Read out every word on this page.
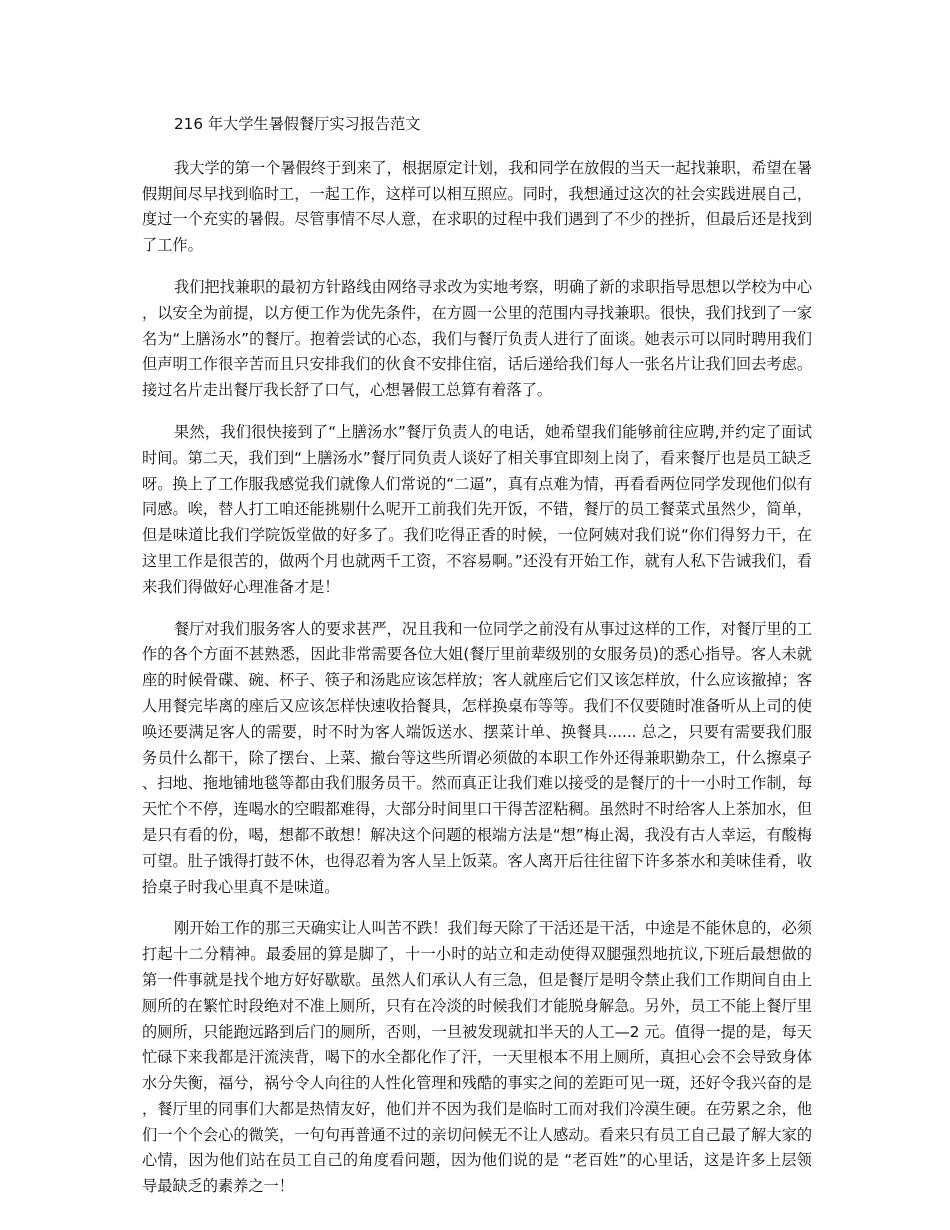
216 年大学生暑假餐厅实习报告范文

我大学的第一个暑假终于到来了，根据原定计划，我和同学在放假的当天一起找兼职，希望在暑假期间尽早找到临时工，一起工作，这样可以相互照应。同时，我想通过这次的社会实践进展自己，度过一个充实的暑假。尽管事情不尽人意，在求职的过程中我们遇到了不少的挫折，但最后还是找到了工作。

我们把找兼职的最初方针路线由网络寻求改为实地考察，明确了新的求职指导思想以学校为中心，以安全为前提，以方便工作为优先条件，在方圆一公里的范围内寻找兼职。很快，我们找到了一家名为“上膳汤水”的餐厅。抱着尝试的心态，我们与餐厅负责人进行了面谈。她表示可以同时聘用我们但声明工作很辛苦而且只安排我们的伙食不安排住宿，话后递给我们每人一张名片让我们回去考虑。接过名片走出餐厅我长舒了口气，心想暑假工总算有着落了。

果然，我们很快接到了“上膳汤水”餐厅负责人的电话，她希望我们能够前往应聘,并约定了面试时间。第二天，我们到“上膳汤水”餐厅同负责人谈好了相关事宜即刻上岗了，看来餐厅也是员工缺乏呀。换上了工作服我感觉我们就像人们常说的“二逼”，真有点难为情，再看看两位同学发现他们似有同感。唉，替人打工咱还能挑剔什么呢开工前我们先开饭，不错，餐厅的员工餐菜式虽然少，简单，但是味道比我们学院饭堂做的好多了。我们吃得正香的时候，一位阿姨对我们说“你们得努力干，在这里工作是很苦的，做两个月也就两千工资，不容易啊。”还没有开始工作，就有人私下告诫我们，看来我们得做好心理准备才是！

餐厅对我们服务客人的要求甚严，况且我和一位同学之前没有从事过这样的工作，对餐厅里的工作的各个方面不甚熟悉，因此非常需要各位大姐(餐厅里前辈级别的女服务员)的悉心指导。客人未就座的时候骨碟、碗、杯子、筷子和汤匙应该怎样放；客人就座后它们又该怎样放，什么应该撤掉；客人用餐完毕离的座后又应该怎样快速收拾餐具，怎样换桌布等等。我们不仅要随时准备听从上司的使唤还要满足客人的需要，时不时为客人端饭送水、摆菜计单、换餐具...... 总之，只要有需要我们服务员什么都干，除了摆台、上菜、撤台等这些所谓必须做的本职工作外还得兼职勤杂工，什么擦桌子、扫地、拖地铺地毯等都由我们服务员干。然而真正让我们难以接受的是餐厅的十一小时工作制，每天忙个不停，连喝水的空暇都难得，大部分时间里口干得苦涩粘稠。虽然时不时给客人上茶加水，但是只有看的份，喝，想都不敢想！解决这个问题的根端方法是“想”梅止渴，我没有古人幸运，有酸梅可望。肚子饿得打鼓不休，也得忍着为客人呈上饭菜。客人离开后往往留下许多茶水和美味佳肴，收拾桌子时我心里真不是味道。

刚开始工作的那三天确实让人叫苦不跌！我们每天除了干活还是干活，中途是不能休息的，必须打起十二分精神。最委屈的算是脚了，十一小时的站立和走动使得双腿强烈地抗议,下班后最想做的第一件事就是找个地方好好歇歇。虽然人们承认人有三急，但是餐厅是明令禁止我们工作期间自由上厕所的在繁忙时段绝对不准上厕所，只有在冷淡的时候我们才能脱身解急。另外，员工不能上餐厅里的厕所，只能跑远路到后门的厕所，否则，一旦被发现就扣半天的人工—2 元。值得一提的是，每天忙碌下来我都是汗流浃背，喝下的水全都化作了汗，一天里根本不用上厕所，真担心会不会导致身体水分失衡，福兮，祸兮令人向往的人性化管理和残酷的事实之间的差距可见一斑，还好令我兴奋的是，餐厅里的同事们大都是热情友好，他们并不因为我们是临时工而对我们冷漠生硬。在劳累之余，他们一个个会心的微笑，一句句再普通不过的亲切问候无不让人感动。看来只有员工自己最了解大家的心情，因为他们站在员工自己的角度看问题，因为他们说的是 “老百姓”的心里话，这是许多上层领导最缺乏的素养之一！
